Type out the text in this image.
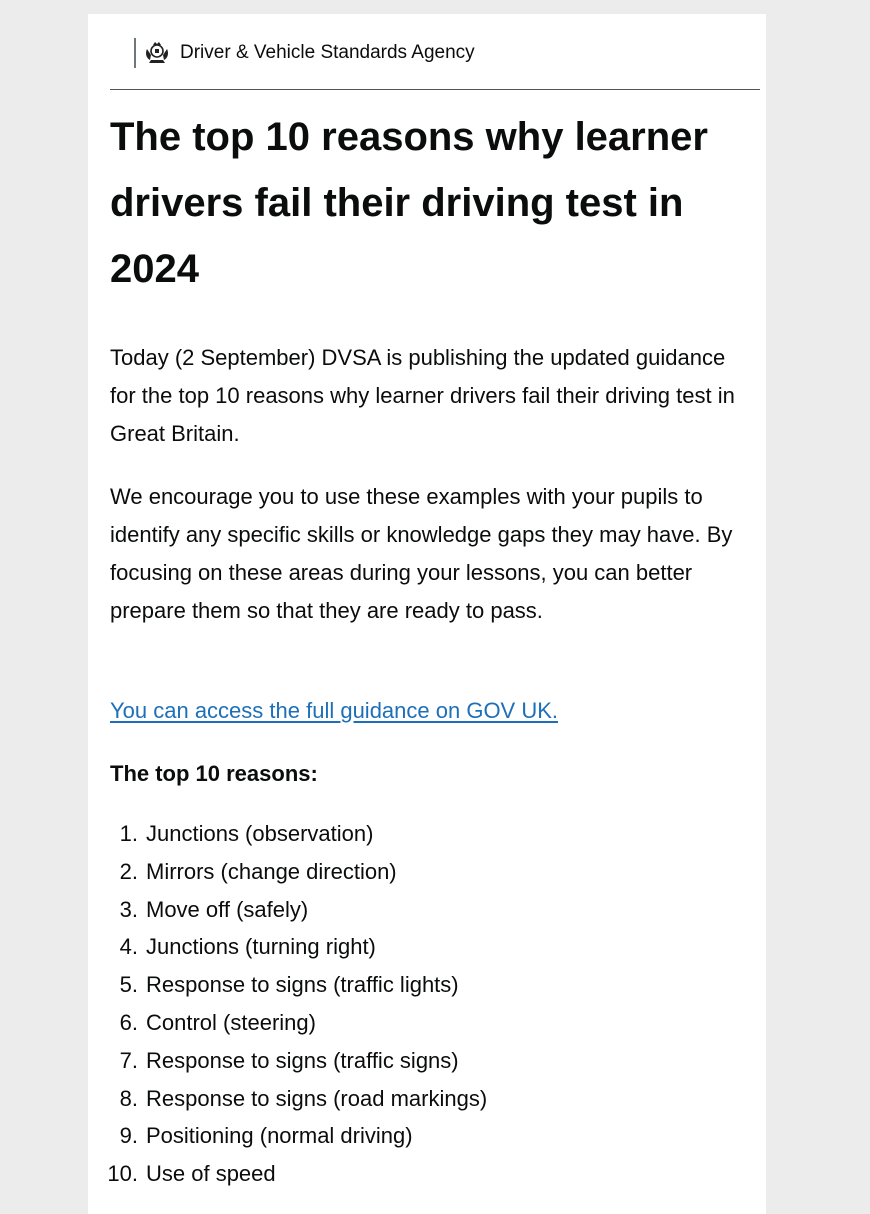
Driver & Vehicle Standards Agency
The top 10 reasons why learner drivers fail their driving test in 2024

Today (2 September) DVSA is publishing the updated guidance for the top 10 reasons why learner drivers fail their driving test in Great Britain.

We encourage you to use these examples with your pupils to identify any specific skills or knowledge gaps they may have. By focusing on these areas during your lessons, you can better prepare them so that they are ready to pass.

You can access the full guidance on GOV UK.
The top 10 reasons:
1. Junctions (observation)
2. Mirrors (change direction)
3. Move off (safely)
4. Junctions (turning right)
5. Response to signs (traffic lights)
6. Control (steering)
7. Response to signs (traffic signs)
8. Response to signs (road markings)
9. Positioning (normal driving)
10. Use of speed
